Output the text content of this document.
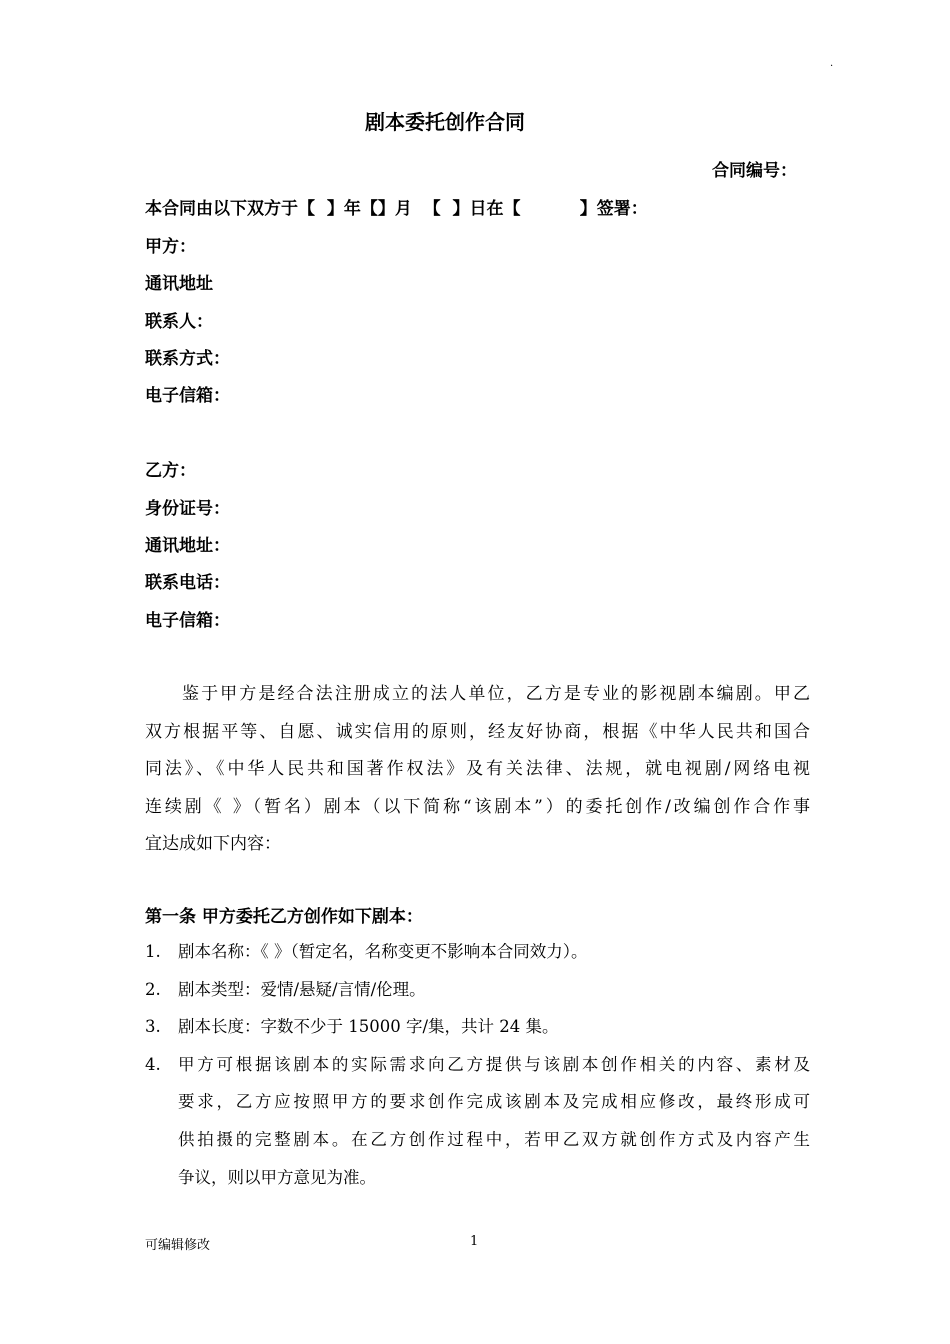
.
剧本委托创作合同
合同编号：
本合同由以下双方于【  】年【】月  【  】日在【          】签署：
甲方：
通讯地址
联系人：
联系方式：
电子信箱：
乙方：
身份证号：
通讯地址：
联系电话：
电子信箱：
鉴于甲方是经合法注册成立的法人单位，乙方是专业的影视剧本编剧。甲乙
双方根据平等、自愿、诚实信用的原则，经友好协商，根据《中华人民共和国合
同法》、《中华人民共和国著作权法》及有关法律、法规，就电视剧/网络电视
连续剧《 》（暂名）剧本（以下简称“该剧本”）的委托创作/改编创作合作事
宜达成如下内容：
第一条 甲方委托乙方创作如下剧本：
1. 剧本名称：《 》（暂定名，名称变更不影响本合同效力）。
2. 剧本类型：爱情/悬疑/言情/伦理。
3. 剧本长度：字数不少于 15000 字/集，共计 24 集。
4. 甲方可根据该剧本的实际需求向乙方提供与该剧本创作相关的内容、素材及
要求，乙方应按照甲方的要求创作完成该剧本及完成相应修改，最终形成可
供拍摄的完整剧本。在乙方创作过程中，若甲乙双方就创作方式及内容产生
争议，则以甲方意见为准。
可编辑修改	1
